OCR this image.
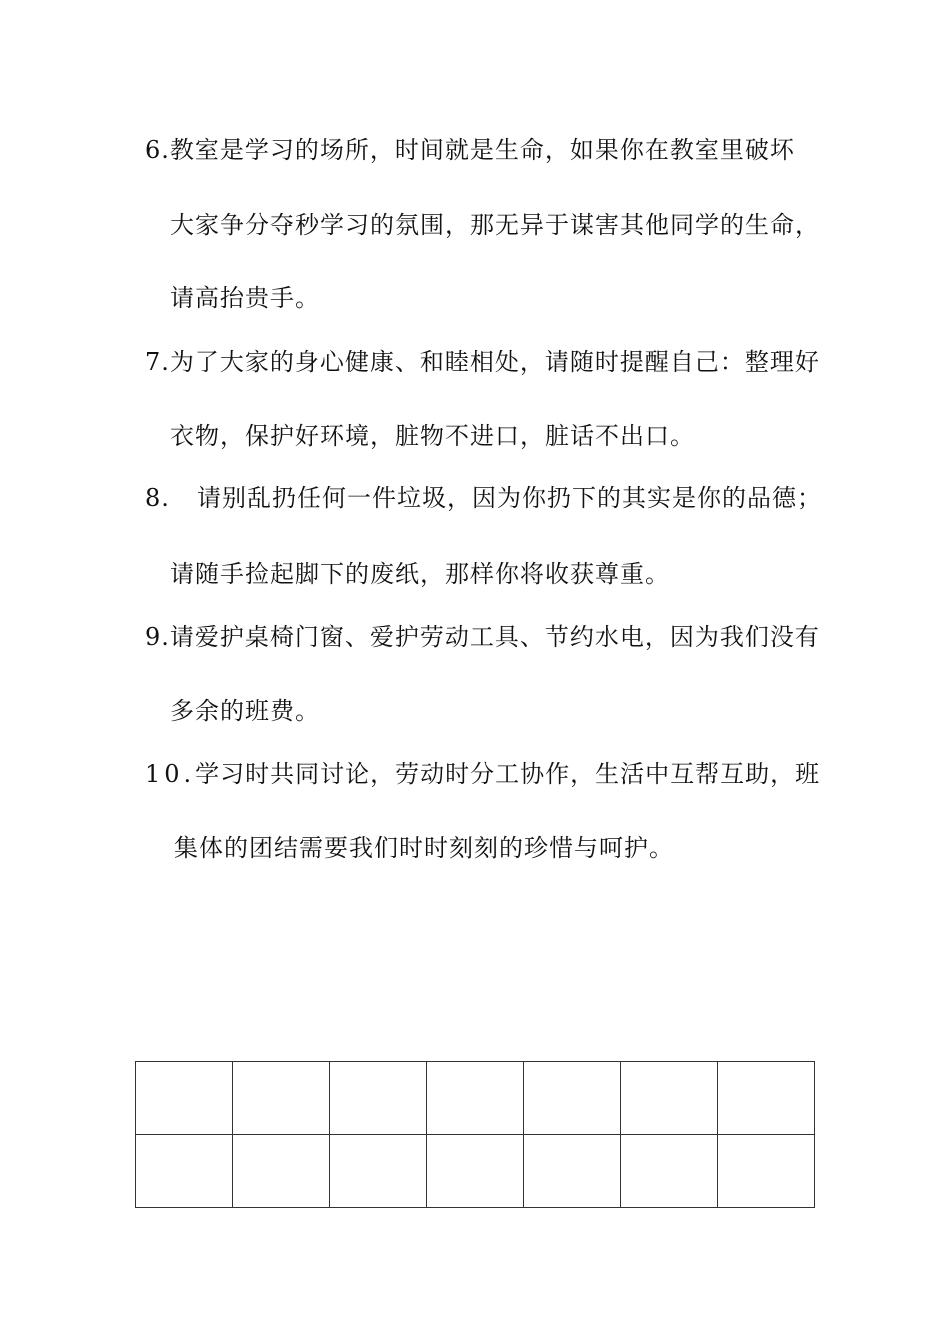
6.教室是学习的场所，时间就是生命，如果你在教室里破坏
大家争分夺秒学习的氛围，那无异于谋害其他同学的生命，
请高抬贵手。
7.为了大家的身心健康、和睦相处，请随时提醒自己：整理好
衣物，保护好环境，脏物不进口，脏话不出口。
8. 请别乱扔任何一件垃圾，因为你扔下的其实是你的品德；
请随手捡起脚下的废纸，那样你将收获尊重。
9.请爱护桌椅门窗、爱护劳动工具、节约水电，因为我们没有
多余的班费。
10.学习时共同讨论，劳动时分工协作，生活中互帮互助，班
集体的团结需要我们时时刻刻的珍惜与呵护。
